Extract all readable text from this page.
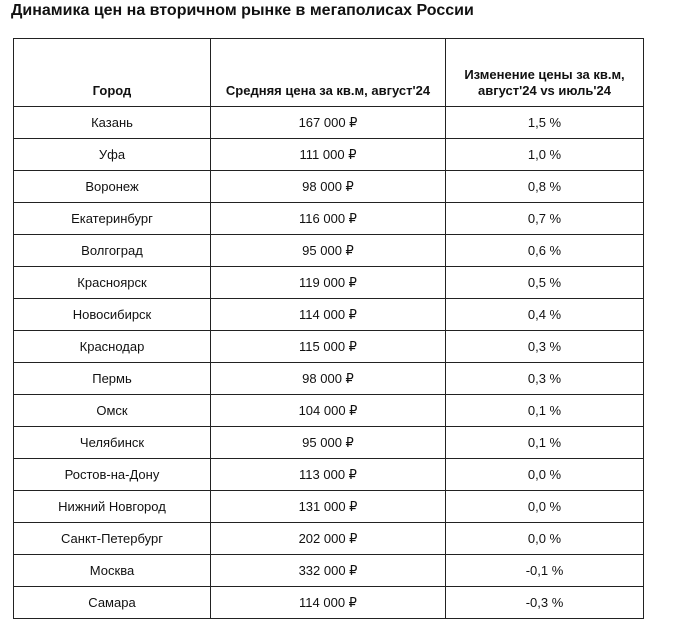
Динамика цен на вторичном рынке в мегаполисах России
Город	Средняя цена за кв.м, август'24	Изменение цены за кв.м, август'24 vs июль'24
Казань	167 000 ₽	1,5 %
Уфа	111 000 ₽	1,0 %
Воронеж	98 000 ₽	0,8 %
Екатеринбург	116 000 ₽	0,7 %
Волгоград	95 000 ₽	0,6 %
Красноярск	119 000 ₽	0,5 %
Новосибирск	114 000 ₽	0,4 %
Краснодар	115 000 ₽	0,3 %
Пермь	98 000 ₽	0,3 %
Омск	104 000 ₽	0,1 %
Челябинск	95 000 ₽	0,1 %
Ростов-на-Дону	113 000 ₽	0,0 %
Нижний Новгород	131 000 ₽	0,0 %
Санкт-Петербург	202 000 ₽	0,0 %
Москва	332 000 ₽	-0,1 %
Самара	114 000 ₽	-0,3 %
